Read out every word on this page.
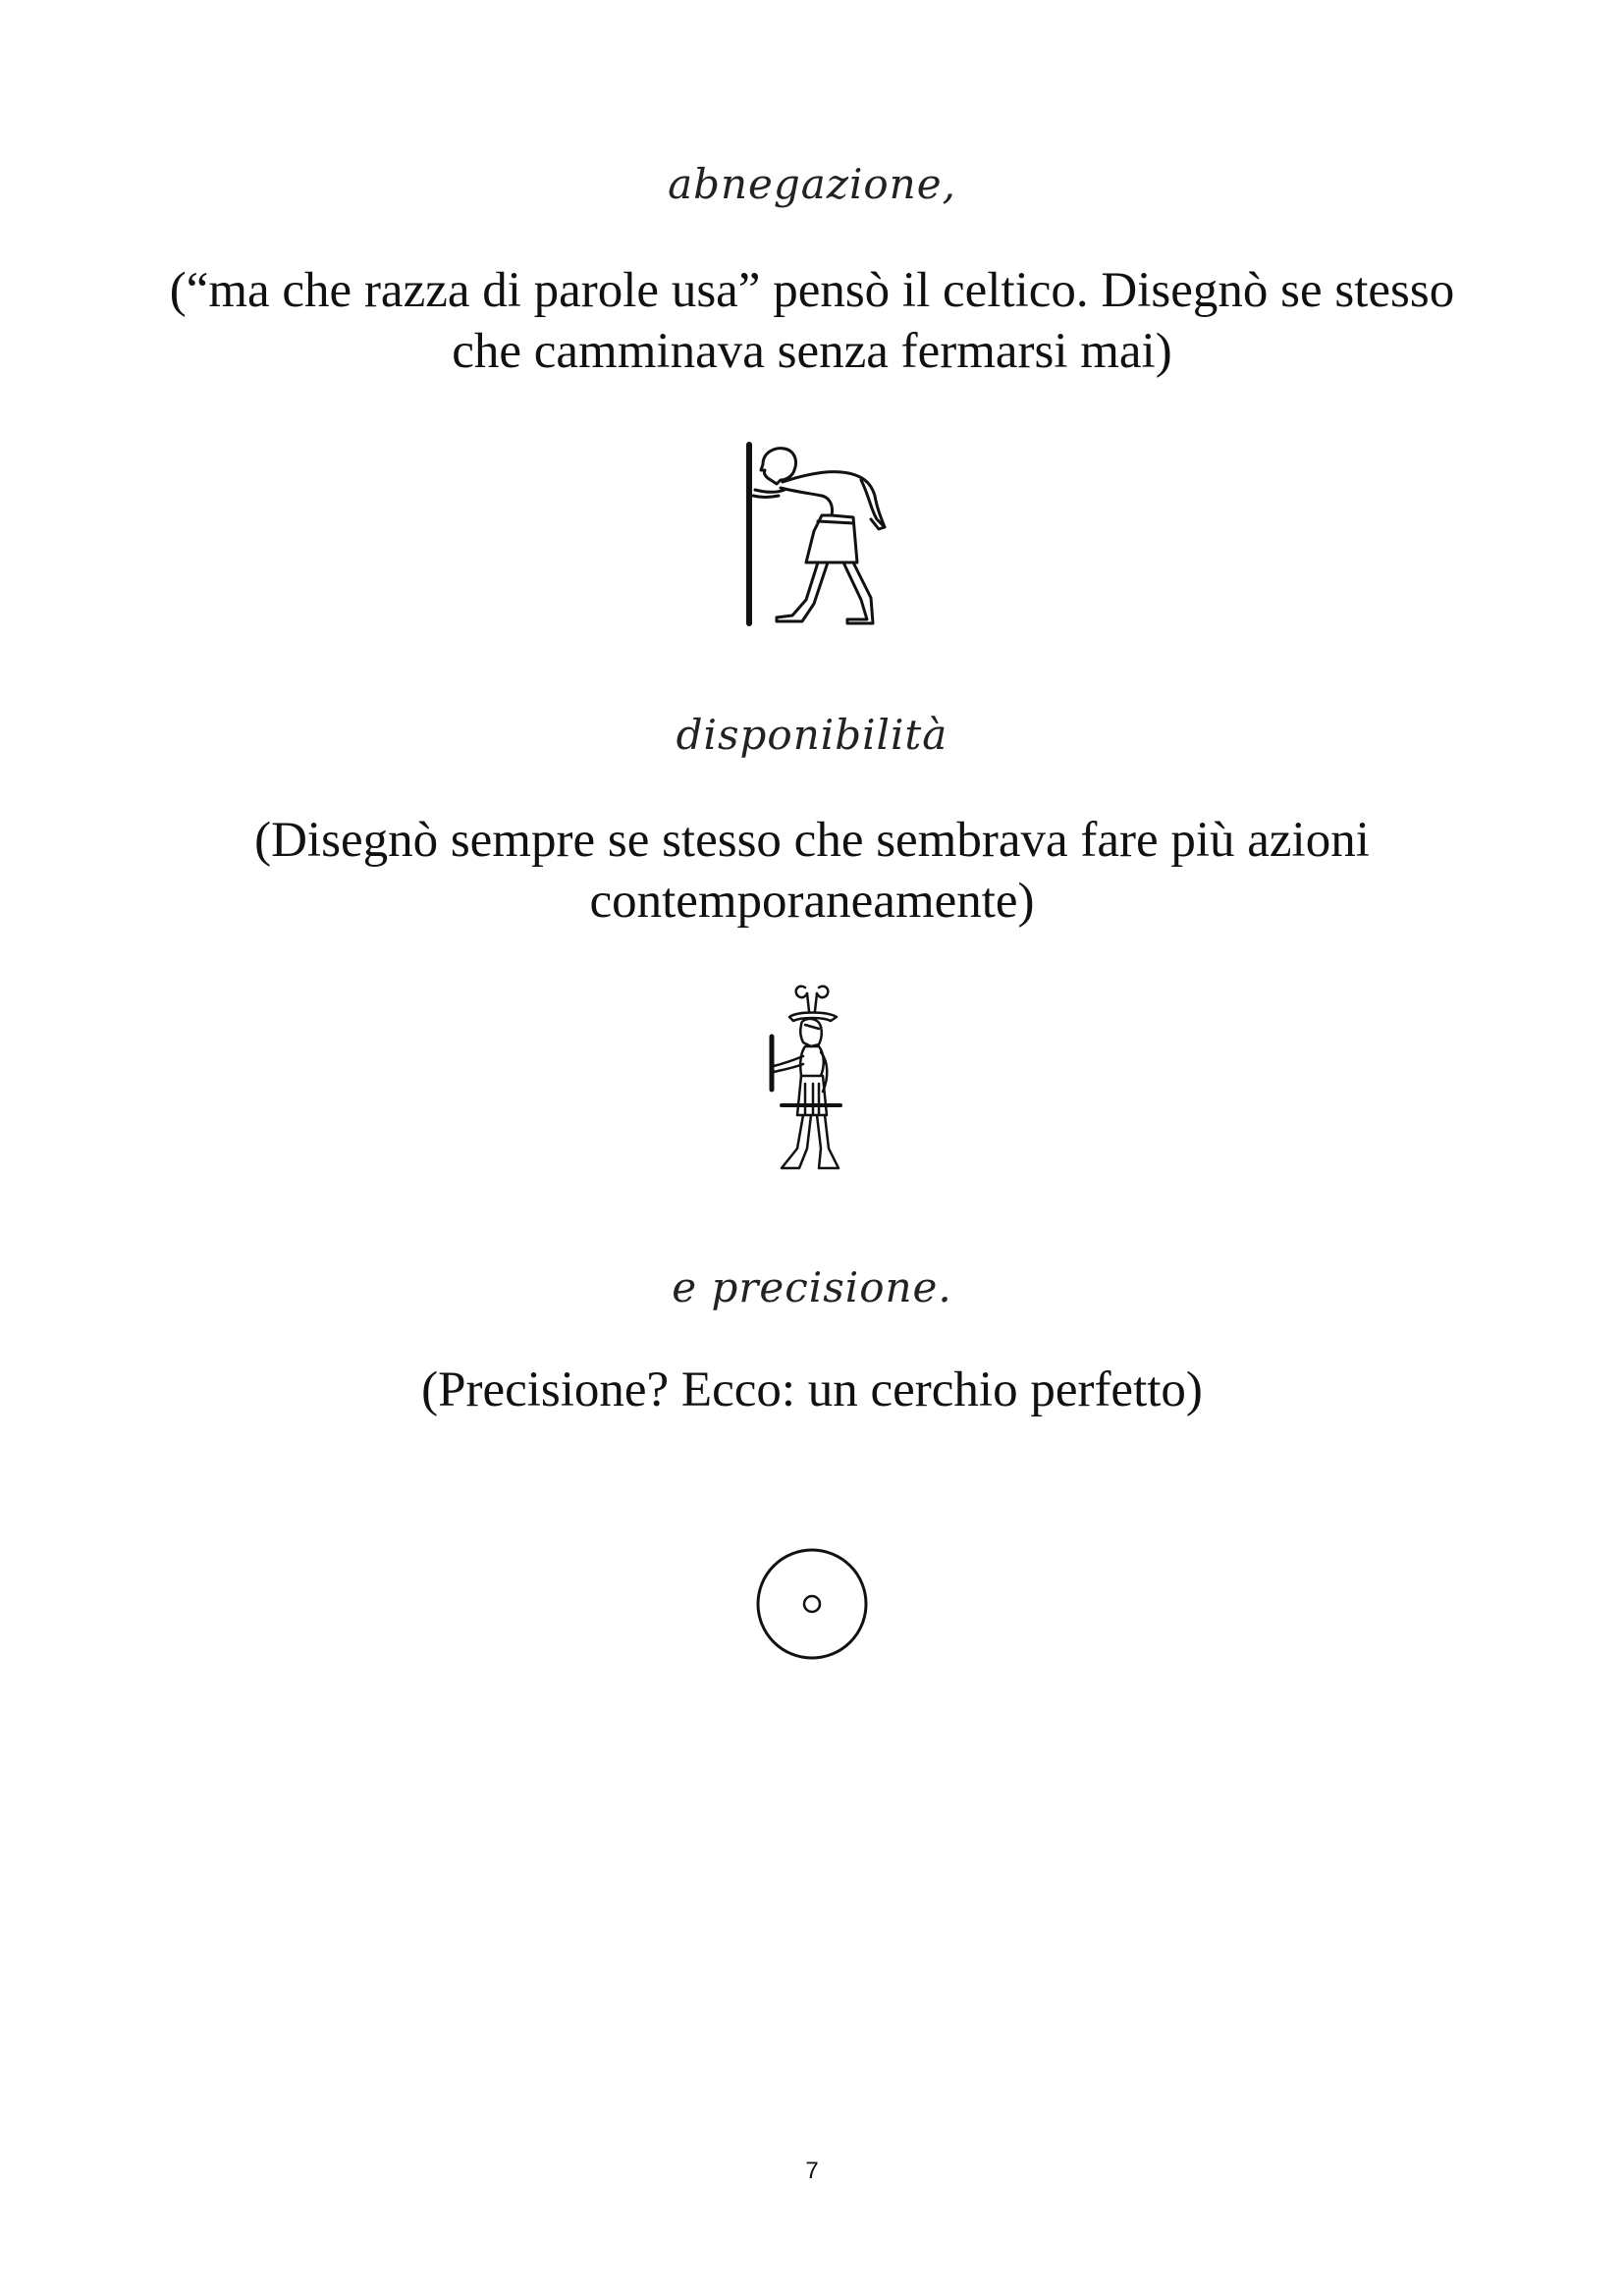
abnegazione,
(“ma che razza di parole usa” pensò il celtico. Disegnò se stesso
che camminava senza fermarsi mai)
disponibilità
(Disegnò sempre se stesso che sembrava fare più azioni
contemporaneamente)
e precisione.
(Precisione? Ecco: un cerchio perfetto)
7
